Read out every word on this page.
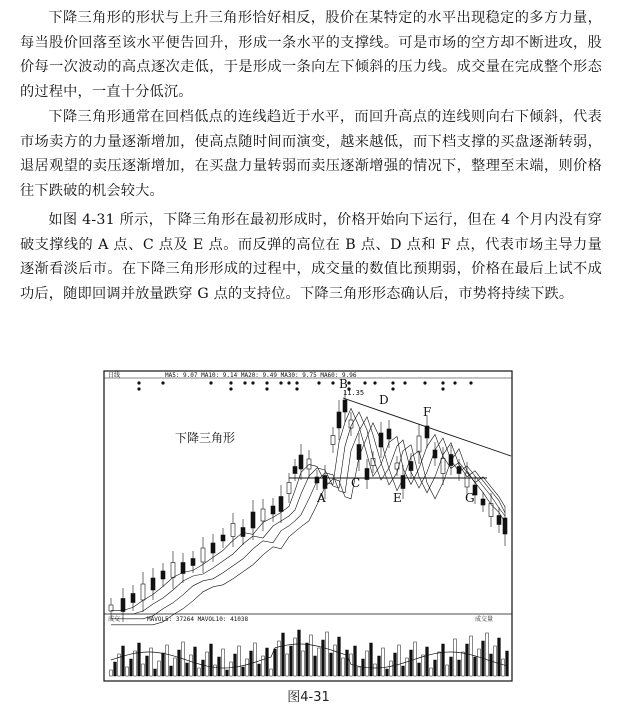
下降三角形的形状与上升三角形恰好相反，股价在某特定的水平出现稳定的多方力量，每当股价回落至该水平便告回升，形成一条水平的支撑线。可是市场的空方却不断进攻，股价每一次波动的高点逐次走低，于是形成一条向左下倾斜的压力线。成交量在完成整个形态的过程中，一直十分低沉。
下降三角形通常在回档低点的连线趋近于水平，而回升高点的连线则向右下倾斜，代表市场卖方的力量逐渐增加，使高点随时间而演变，越来越低，而下档支撑的买盘逐渐转弱，退居观望的卖压逐渐增加，在买盘力量转弱而卖压逐渐增强的情况下，整理至末端，则价格往下跌破的机会较大。
如图 4-31 所示，下降三角形在最初形成时，价格开始向下运行，但在 4 个月内没有穿破支撑线的 A 点、C 点及 E 点。而反弹的高位在 B 点、D 点和 F 点，代表市场主导力量逐渐看淡后市。在下降三角形形成的过程中，成交量的数值比预期弱，价格在最后上试不成功后，随即回调并放量跌穿 G 点的支持位。下降三角形形态确认后，市势将持续下跌。
日线	MA5: 9.07 MA10: 9.14 MA20: 9.49 MA30: 9.75 MA60: 9.96
下降三角形
11.35
A
B
C
D
E
F
G
成交	MAVOL5: 37264 MAVOL10: 41038	成交量
图4-31
